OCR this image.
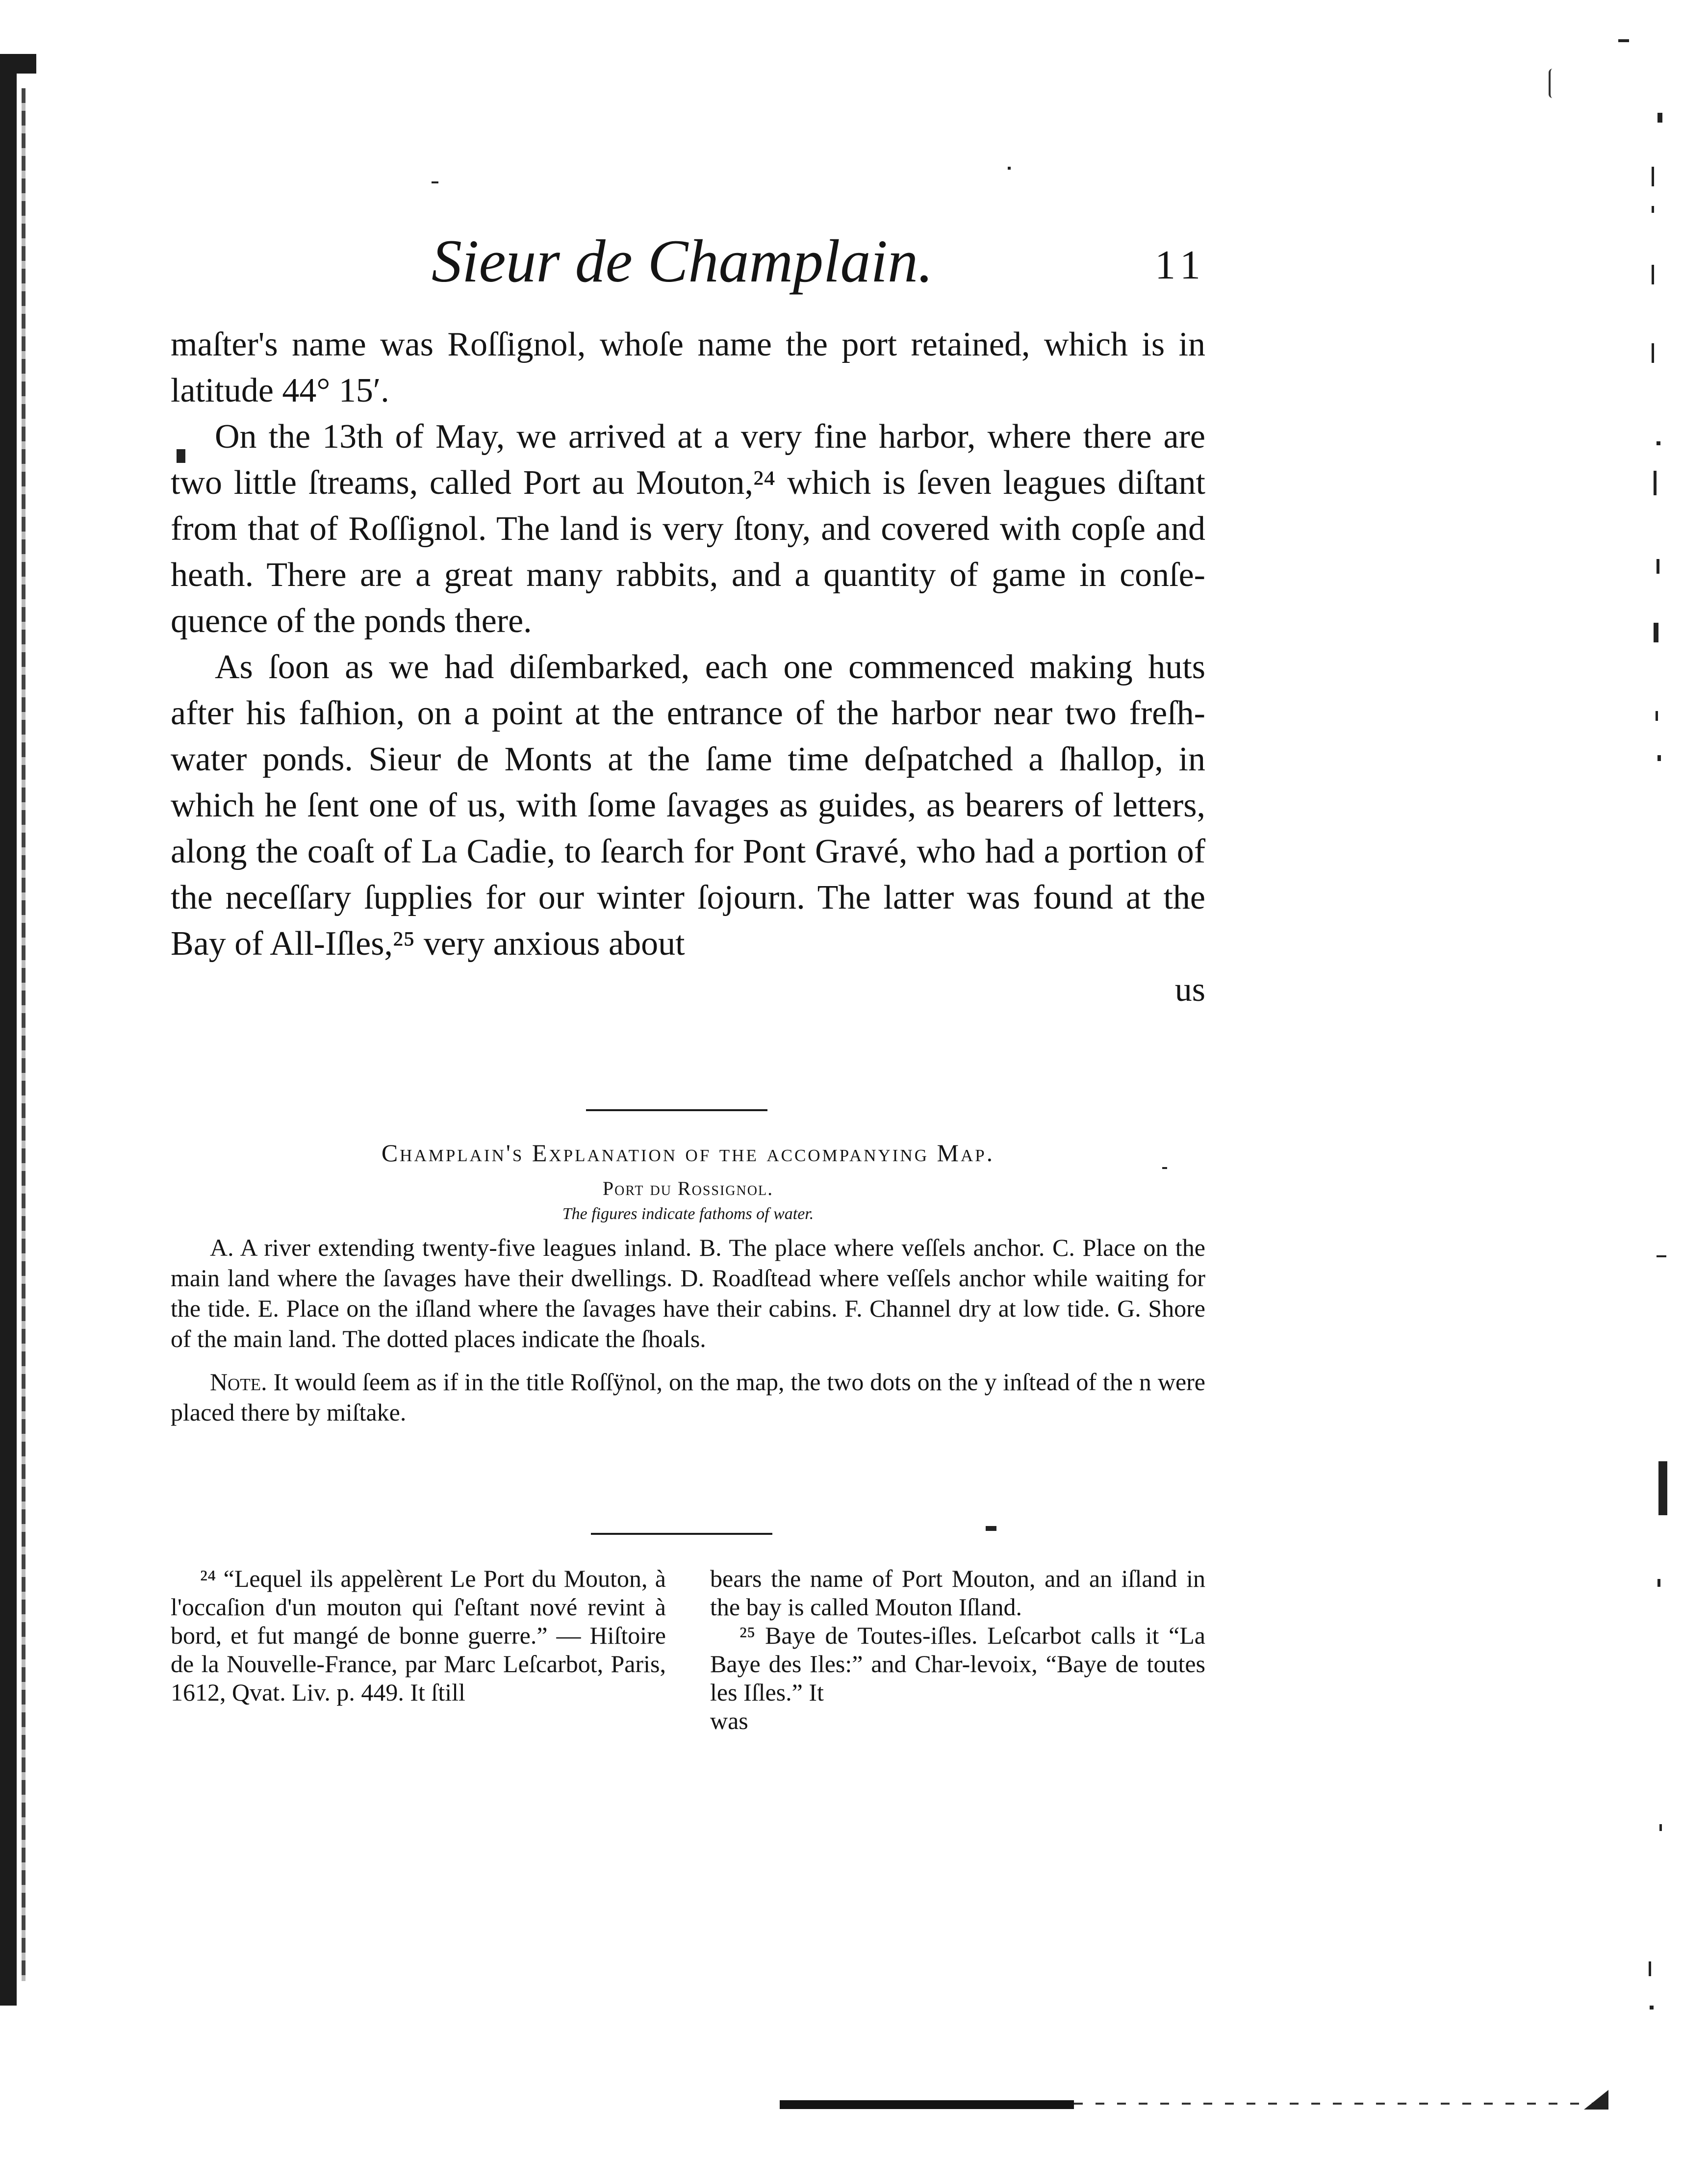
Sieur de Champlain.	11

maſter's name was Roſſignol, whoſe name the port retained, which is in latitude 44° 15′.

On the 13th of May, we arrived at a very fine harbor, where there are two little ſtreams, called Port au Mouton,²⁴ which is ſeven leagues diſtant from that of Roſſignol. The land is very ſtony, and covered with copſe and heath. There are a great many rabbits, and a quantity of game in conſe-quence of the ponds there.

As ſoon as we had diſembarked, each one commenced making huts after his faſhion, on a point at the entrance of the harbor near two freſh-water ponds. Sieur de Monts at the ſame time deſpatched a ſhallop, in which he ſent one of us, with ſome ſavages as guides, as bearers of letters, along the coaſt of La Cadie, to ſearch for Pont Gravé, who had a portion of the neceſſary ſupplies for our winter ſojourn. The latter was found at the Bay of All-Iſles,²⁵ very anxious about

us
Champlain's Explanation of the accompanying Map.
Port du Rossignol.
The figures indicate fathoms of water.

A. A river extending twenty-five leagues inland. B. The place where veſſels anchor. C. Place on the main land where the ſavages have their dwellings. D. Roadſtead where veſſels anchor while waiting for the tide. E. Place on the iſland where the ſavages have their cabins. F. Channel dry at low tide. G. Shore of the main land. The dotted places indicate the ſhoals.

Note. It would ſeem as if in the title Roſſÿnol, on the map, the two dots on the y inſtead of the n were placed there by miſtake.

²⁴ “Lequel ils appelèrent Le Port du Mouton, à l'occaſion d'un mouton qui ſ'eſtant nové revint à bord, et fut mangé de bonne guerre.” — Hiſtoire de la Nouvelle-France, par Marc Leſcarbot, Paris, 1612, Qvat. Liv. p. 449. It ſtill

bears the name of Port Mouton, and an iſland in the bay is called Mouton Iſland.

²⁵ Baye de Toutes-iſles. Leſcarbot calls it “La Baye des Iles:” and Char-levoix, “Baye de toutes les Iſles.” It

was
